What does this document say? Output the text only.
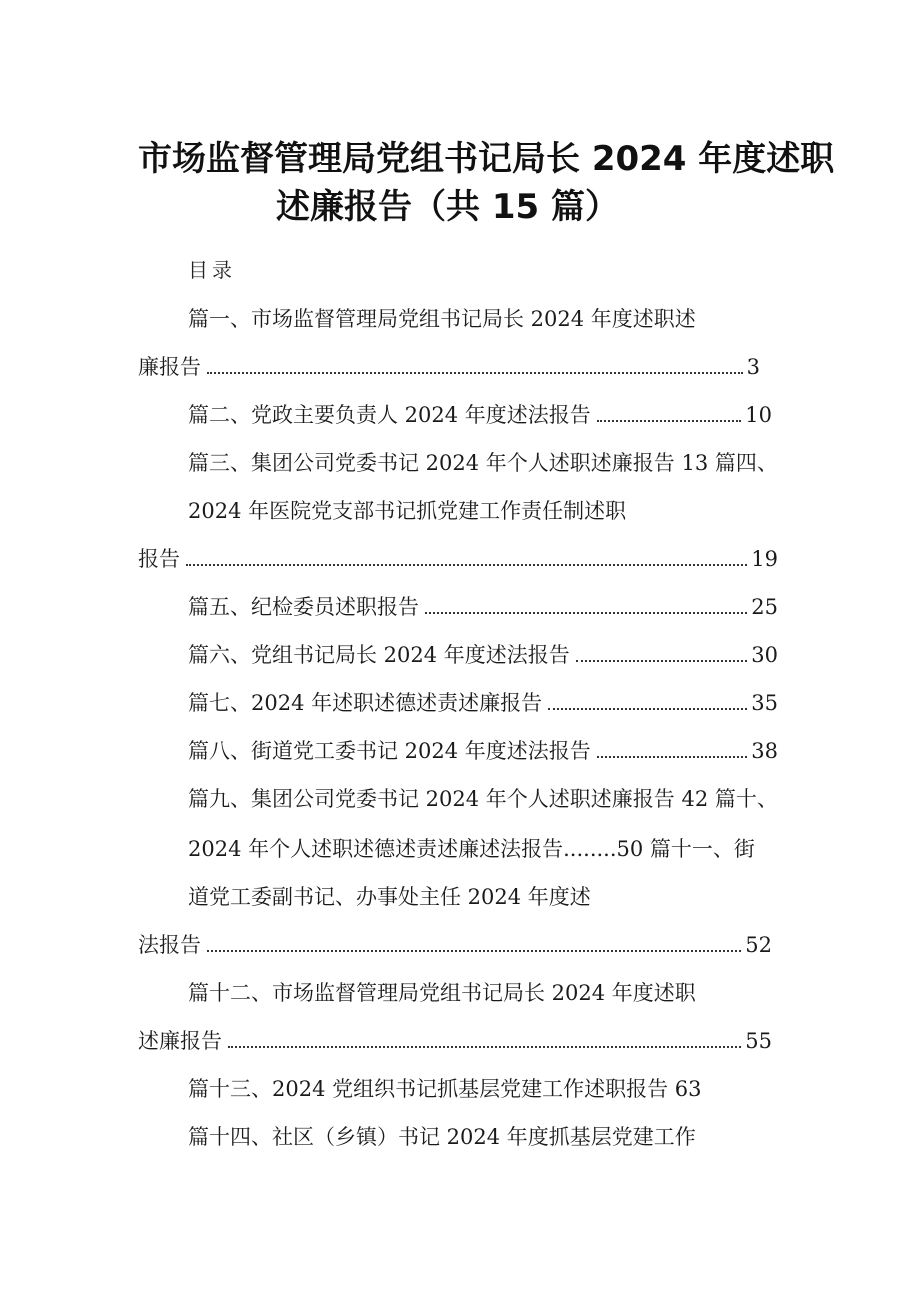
市场监督管理局党组书记局长 2024 年度述职
述廉报告（共 15 篇）
目录
篇一、市场监督管理局党组书记局长 2024 年度述职述
廉报告	3
篇二、党政主要负责人 2024 年度述法报告	10
篇三、集团公司党委书记 2024 年个人述职述廉报告 13 篇四、
2024 年医院党支部书记抓党建工作责任制述职
报告	19
篇五、纪检委员述职报告	25
篇六、党组书记局长 2024 年度述法报告	30
篇七、2024 年述职述德述责述廉报告	35
篇八、街道党工委书记 2024 年度述法报告	38
篇九、集团公司党委书记 2024 年个人述职述廉报告 42 篇十、
2024 年个人述职述德述责述廉述法报告........50 篇十一、街
道党工委副书记、办事处主任 2024 年度述
法报告	52
篇十二、市场监督管理局党组书记局长 2024 年度述职
述廉报告	55
篇十三、2024 党组织书记抓基层党建工作述职报告 63
篇十四、社区（乡镇）书记 2024 年度抓基层党建工作
